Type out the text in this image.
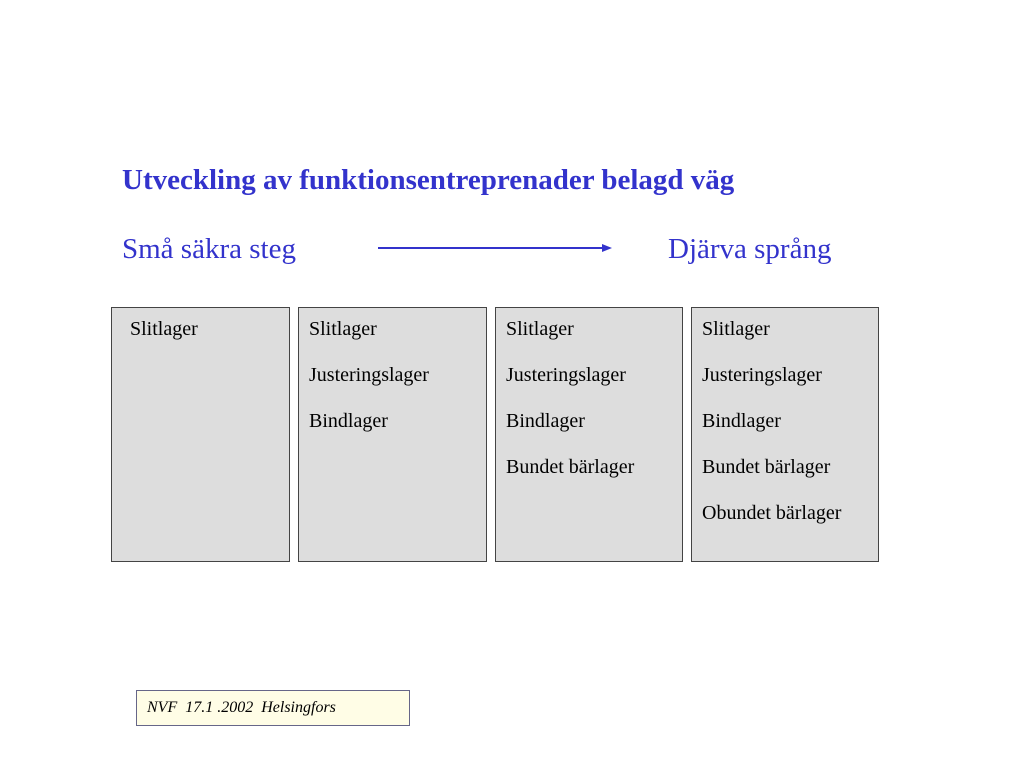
Utveckling av funktionsentreprenader belagd väg
Små säkra steg	Djärva språng
Slitlager	Slitlager
Justeringslager
Bindlager
Slitlager
Justeringslager
Bindlager
Bundet bärlager
Slitlager
Justeringslager
Bindlager
Bundet bärlager
Obundet bärlager
NVF  17.1 .2002  Helsingfors
